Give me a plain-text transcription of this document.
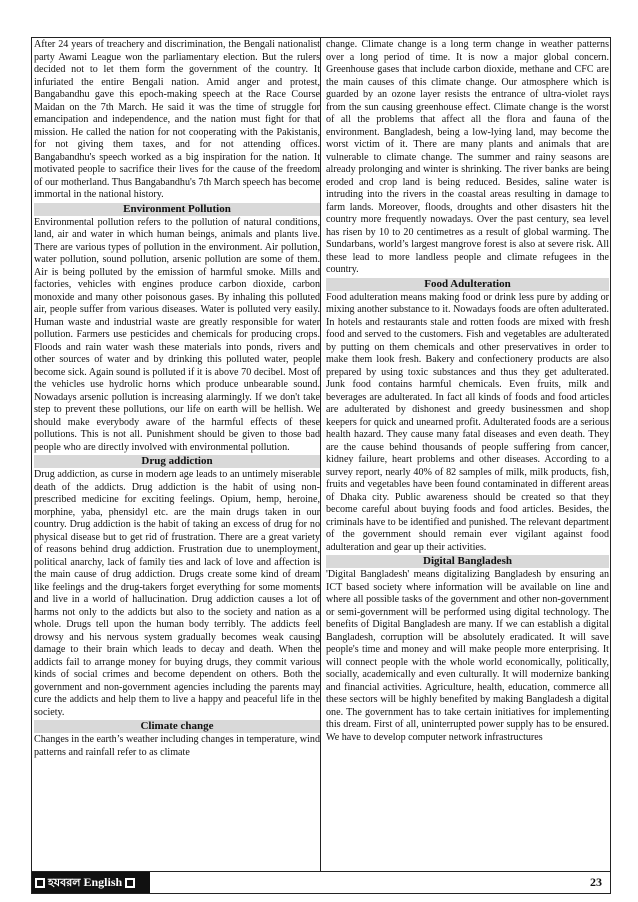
After 24 years of treachery and discrimination, the Bengali nationalist party Awami League won the parliamentary election. But the rulers decided not to let them form the government of the country. It infuriated the entire Bengali nation. Amid anger and protest, Bangabandhu gave this epoch-making speech at the Race Course Maidan on the 7th March. He said it was the time of struggle for emancipation and independence, and the nation must fight for that mission. He called the nation for not cooperating with the Pakistanis, for not giving them taxes, and for not attending offices. Bangabandhu's speech worked as a big inspiration for the nation. It motivated people to sacrifice their lives for the cause of the freedom of our motherland. Thus Bangabandhu's 7th March speech has become immortal in the national history.

Environment Pollution

Environmental pollution refers to the pollution of natural conditions, land, air and water in which human beings, animals and plants live. There are various types of pollution in the environment. Air pollution, water pollution, sound pollution, arsenic pollution are some of them. Air is being polluted by the emission of harmful smoke. Mills and factories, vehicles with engines produce carbon dioxide, carbon monoxide and many other poisonous gases. By inhaling this polluted air, people suffer from various diseases. Water is polluted very easily. Human waste and industrial waste are greatly responsible for water pollution. Farmers use pesticides and chemicals for producing crops. Floods and rain water wash these materials into ponds, rivers and other sources of water and by drinking this polluted water, people become sick. Again sound is polluted if it is above 70 decibel. Most of the vehicles use hydrolic horns which produce unbearable sound. Nowadays arsenic pollution is increasing alarmingly. If we don't take step to prevent these pollutions, our life on earth will be hellish. We should make everybody aware of the harmful effects of these pollutions. This is not all. Punishment should be given to those bad people who are directly involved with environmental pollution.

Drug addiction

Drug addiction, as curse in modern age leads to an untimely miserable death of the addicts. Drug addiction is the habit of using non-prescribed medicine for exciting feelings. Opium, hemp, heroine, morphine, yaba, phensidyl etc. are the main drugs taken in our country. Drug addiction is the habit of taking an excess of drug for no physical disease but to get rid of frustration. There are a great variety of reasons behind drug addiction. Frustration due to unemployment, political anarchy, lack of family ties and lack of love and affection is the main cause of drug addiction. Drugs create some kind of dream like feelings and the drug-takers forget everything for some moments and live in a world of hallucination. Drug addiction causes a lot of harms not only to the addicts but also to the society and nation as a whole. Drugs tell upon the human body terribly. The addicts feel drowsy and his nervous system gradually becomes weak causing damage to their brain which leads to decay and death. When the addicts fail to arrange money for buying drugs, they commit various kinds of social crimes and become dependent on others. Both the government and non-government agencies including the parents may cure the addicts and help them to live a happy and peaceful life in the society.

Climate change

Changes in the earth’s weather including changes in temperature, wind patterns and rainfall refer to as climate

change. Climate change is a long term change in weather patterns over a long period of time. It is now a major global concern. Greenhouse gases that include carbon dioxide, methane and CFC are the main causes of this climate change. Our atmosphere which is guarded by an ozone layer resists the entrance of ultra-violet rays from the sun causing greenhouse effect. Climate change is the worst of all the problems that affect all the flora and fauna of the environment. Bangladesh, being a low-lying land, may become the worst victim of it. There are many plants and animals that are vulnerable to climate change. The summer and rainy seasons are already prolonging and winter is shrinking. The river banks are being eroded and crop land is being reduced. Besides, saline water is intruding into the rivers in the coastal areas resulting in damage to farm lands. Moreover, floods, droughts and other disasters hit the country more frequently nowadays. Over the past century, sea level has risen by 10 to 20 centimetres as a result of global warming. The Sundarbans, world’s largest mangrove forest is also at severe risk. All these lead to more landless people and climate refugees in the country.

Food Adulteration

Food adulteration means making food or drink less pure by adding or mixing another substance to it. Nowadays foods are often adulterated. In hotels and restaurants stale and rotten foods are mixed with fresh food and served to the customers. Fish and vegetables are adulterated by putting on them chemicals and other preservatives in order to make them look fresh. Bakery and confectionery products are also prepared by using toxic substances and thus they get adulterated. Junk food contains harmful chemicals. Even fruits, milk and beverages are adulterated. In fact all kinds of foods and food articles are adulterated by dishonest and greedy businessmen and shop keepers for quick and unearned profit. Adulterated foods are a serious health hazard. They cause many fatal diseases and even death. They are the cause behind thousands of people suffering from cancer, kidney failure, heart problems and other diseases. According to a survey report, nearly 40% of 82 samples of milk, milk products, fish, fruits and vegetables have been found contaminated in different areas of Dhaka city. Public awareness should be created so that they become careful about buying foods and food articles. Besides, the criminals have to be identified and punished. The relevant department of the government should remain ever vigilant against food adulteration and gear up their activities.

Digital Bangladesh

'Digital Bangladesh' means digitalizing Bangladesh by ensuring an ICT based society where information will be available on line and where all possible tasks of the government and other non-government or semi-government will be performed using digital technology. The benefits of Digital Bangladesh are many. If we can establish a digital Bangladesh, corruption will be absolutely eradicated. It will save people's time and money and will make people more enterprising. It will connect people with the whole world economically, politically, socially, academically and even culturally. It will modernize banking and financial activities. Agriculture, health, education, commerce all these sectors will be highly benefited by making Bangladesh a digital one. The government has to take certain initiatives for implementing this dream. First of all, uninterrupted power supply has to be ensured. We have to develop computer network infrastructures

হযবরল English	23
